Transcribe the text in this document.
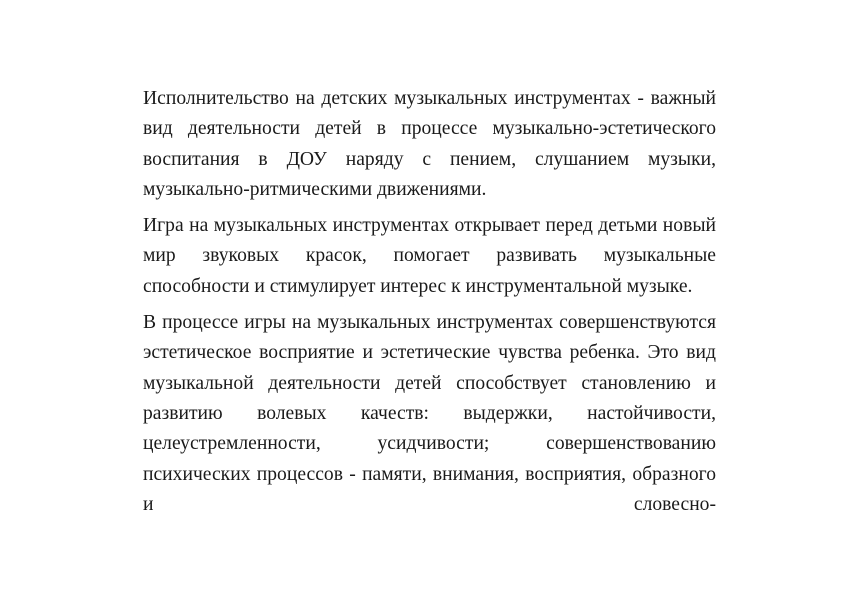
Исполнительство на детских музыкальных инструментах - важный вид деятельности детей в процессе музыкально-эстетического воспитания в ДОУ наряду с пением, слушанием музыки, музыкально-ритмическими движениями.

Игра на музыкальных инструментах открывает перед детьми новый мир звуковых красок, помогает развивать музыкальные способности и стимулирует интерес к инструментальной музыке.

В процессе игры на музыкальных инструментах совершенствуются эстетическое восприятие и эстетические чувства ребенка. Это вид музыкальной деятельности детей способствует становлению и развитию волевых качеств: выдержки, настойчивости, целеустремленности, усидчивости; совершенствованию психических процессов - памяти, внимания, восприятия, образного и словесно-
